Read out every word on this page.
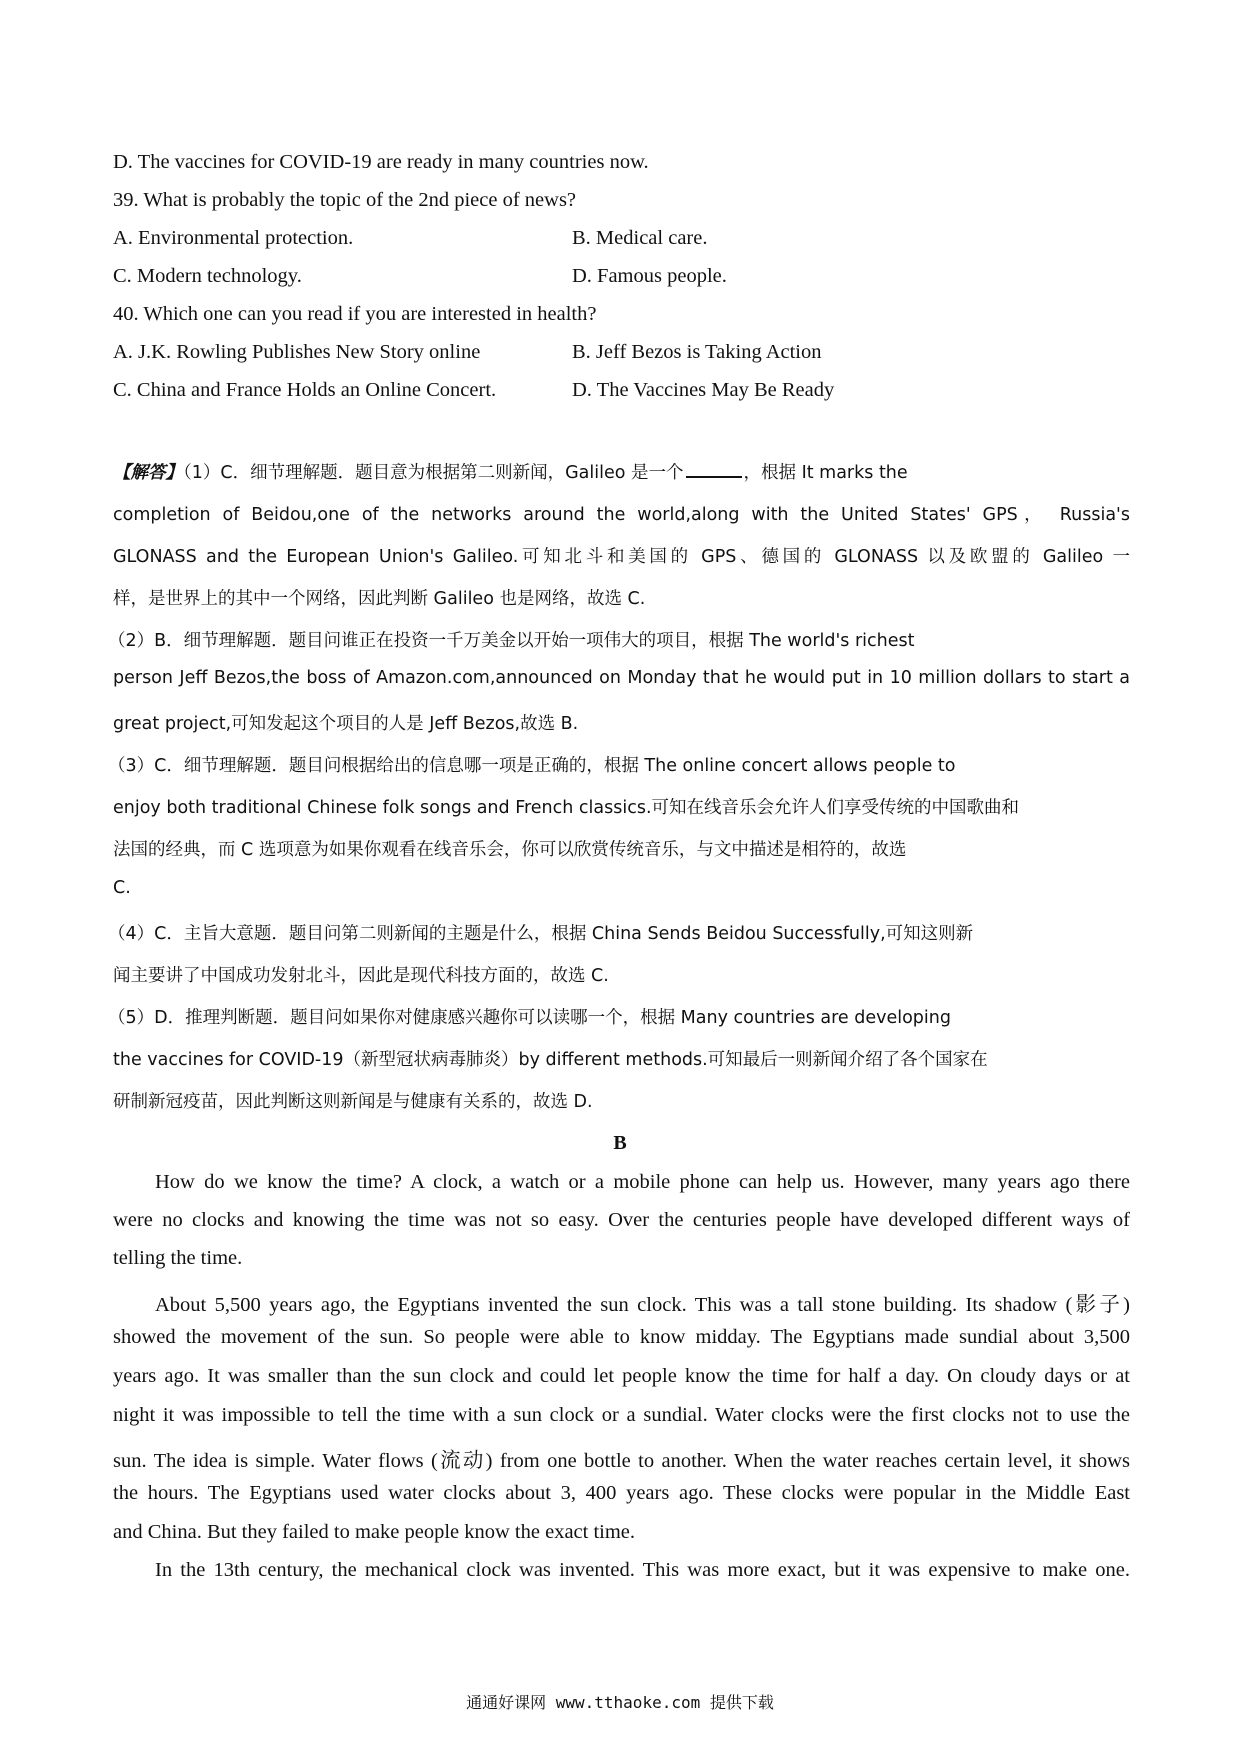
D. The vaccines for COVID-19 are ready in many countries now.
39. What is probably the topic of the 2nd piece of news?
A. Environmental protection.	B. Medical care.
C. Modern technology.	D. Famous people.
40. Which one can you read if you are interested in health?
A. J.K. Rowling Publishes New Story online	B. Jeff Bezos is Taking Action
C. China and France Holds an Online Concert.	D. The Vaccines May Be Ready
【解答】（1）C．细节理解题．题目意为根据第二则新闻，Galileo 是一个	，根据 It marks the
completion of Beidou,one of the networks around the world,along with the United States' GPS， Russia's
GLONASS and the European Union's Galileo.可知北斗和美国的 GPS、德国的 GLONASS 以及欧盟的 Galileo 一
样，是世界上的其中一个网络，因此判断 Galileo 也是网络，故选 C.
（2）B．细节理解题．题目问谁正在投资一千万美金以开始一项伟大的项目，根据 The world's richest
person Jeff Bezos,the boss of Amazon.com,announced on Monday that he would put in 10 million dollars to start a
great project,可知发起这个项目的人是 Jeff Bezos,故选 B.
（3）C．细节理解题．题目问根据给出的信息哪一项是正确的，根据 The online concert allows people to
enjoy both traditional Chinese folk songs and French classics.可知在线音乐会允许人们享受传统的中国歌曲和
法国的经典，而 C 选项意为如果你观看在线音乐会，你可以欣赏传统音乐，与文中描述是相符的，故选
C.
（4）C．主旨大意题．题目问第二则新闻的主题是什么，根据 China Sends Beidou Successfully,可知这则新
闻主要讲了中国成功发射北斗，因此是现代科技方面的，故选 C.
（5）D．推理判断题．题目问如果你对健康感兴趣你可以读哪一个，根据 Many countries are developing
the vaccines for COVID-19（新型冠状病毒肺炎）by different methods.可知最后一则新闻介绍了各个国家在
研制新冠疫苗，因此判断这则新闻是与健康有关系的，故选 D.
B
How do we know the time? A clock, a watch or a mobile phone can help us. However, many years ago there
were no clocks and knowing the time was not so easy. Over the centuries people have developed different ways of
telling the time.
About 5,500 years ago, the Egyptians invented the sun clock. This was a tall stone building. Its shadow (影子)
showed the movement of the sun. So people were able to know midday. The Egyptians made sundial about 3,500
years ago. It was smaller than the sun clock and could let people know the time for half a day. On cloudy days or at
night it was impossible to tell the time with a sun clock or a sundial. Water clocks were the first clocks not to use the
sun. The idea is simple. Water flows (流动) from one bottle to another. When the water reaches certain level, it shows
the hours. The Egyptians used water clocks about 3, 400 years ago. These clocks were popular in the Middle East
and China. But they failed to make people know the exact time.
In the 13th century, the mechanical clock was invented. This was more exact, but it was expensive to make one.
通通好课网 www.tthaoke.com 提供下载
